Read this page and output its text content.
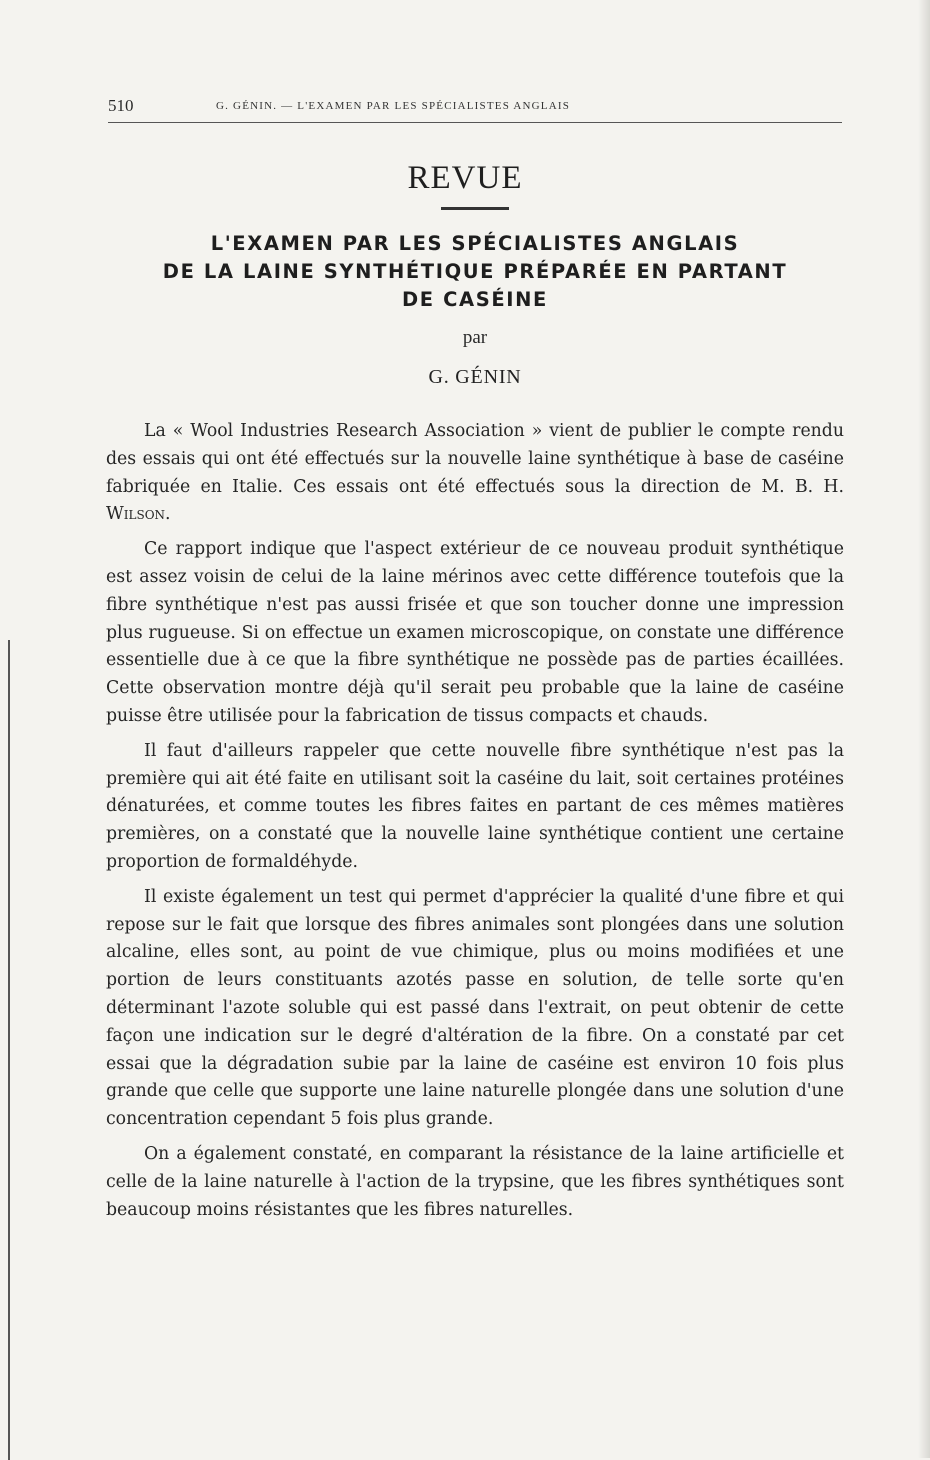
510	G. GÉNIN. — L'EXAMEN PAR LES SPÉCIALISTES ANGLAIS
REVUE
L'EXAMEN PAR LES SPÉCIALISTES ANGLAIS
DE LA LAINE SYNTHÉTIQUE PRÉPARÉE EN PARTANT
DE CASÉINE
par
G. GÉNIN

La « Wool Industries Research Association » vient de publier le compte rendu des essais qui ont été effectués sur la nouvelle laine synthétique à base de caséine fabriquée en Italie. Ces essais ont été effectués sous la direction de M. B. H. Wilson.

Ce rapport indique que l'aspect extérieur de ce nouveau produit synthétique est assez voisin de celui de la laine mérinos avec cette différence toutefois que la fibre synthétique n'est pas aussi frisée et que son toucher donne une impression plus rugueuse. Si on effectue un examen microscopique, on constate une différence essentielle due à ce que la fibre synthétique ne possède pas de parties écaillées. Cette observation montre déjà qu'il serait peu probable que la laine de caséine puisse être utilisée pour la fabrication de tissus compacts et chauds.

Il faut d'ailleurs rappeler que cette nouvelle fibre synthétique n'est pas la première qui ait été faite en utilisant soit la caséine du lait, soit certaines protéines dénaturées, et comme toutes les fibres faites en partant de ces mêmes matières premières, on a constaté que la nouvelle laine synthétique contient une certaine proportion de formaldéhyde.

Il existe également un test qui permet d'apprécier la qualité d'une fibre et qui repose sur le fait que lorsque des fibres animales sont plongées dans une solution alcaline, elles sont, au point de vue chimique, plus ou moins modifiées et une portion de leurs constituants azotés passe en solution, de telle sorte qu'en déterminant l'azote soluble qui est passé dans l'extrait, on peut obtenir de cette façon une indication sur le degré d'altération de la fibre. On a constaté par cet essai que la dégradation subie par la laine de caséine est environ 10 fois plus grande que celle que supporte une laine naturelle plongée dans une solution d'une concentration cependant 5 fois plus grande.

On a également constaté, en comparant la résistance de la laine artificielle et celle de la laine naturelle à l'action de la trypsine, que les fibres synthétiques sont beaucoup moins résistantes que les fibres naturelles.
